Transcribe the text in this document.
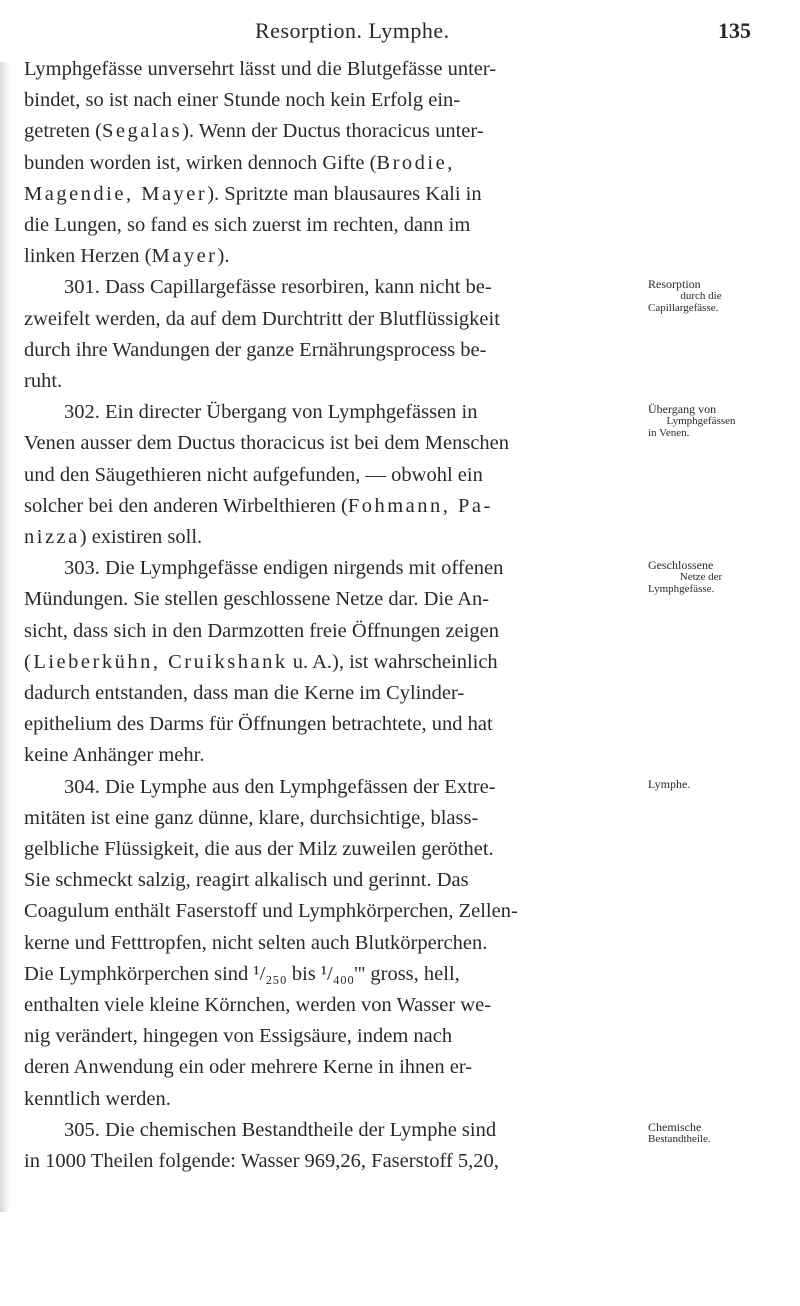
Resorption. Lymphe.	135
Lymphgefässe unversehrt lässt und die Blutgefässe unter-
bindet, so ist nach einer Stunde noch kein Erfolg ein-
getreten (Segalas). Wenn der Ductus thoracicus unter-
bunden worden ist, wirken dennoch Gifte (Brodie,
Magendie, Mayer). Spritzte man blausaures Kali in
die Lungen, so fand es sich zuerst im rechten, dann im
linken Herzen (Mayer).
301. Dass Capillargefässe resorbiren, kann nicht be-
zweifelt werden, da auf dem Durchtritt der Blutflüssigkeit
durch ihre Wandungen der ganze Ernährungsprocess be-
ruht.
302. Ein directer Übergang von Lymphgefässen in
Venen ausser dem Ductus thoracicus ist bei dem Menschen
und den Säugethieren nicht aufgefunden, — obwohl ein
solcher bei den anderen Wirbelthieren (Fohmann, Pa-
nizza) existiren soll.
303. Die Lymphgefässe endigen nirgends mit offenen
Mündungen. Sie stellen geschlossene Netze dar. Die An-
sicht, dass sich in den Darmzotten freie Öffnungen zeigen
(Lieberkühn, Cruikshank u. A.), ist wahrscheinlich
dadurch entstanden, dass man die Kerne im Cylinder-
epithelium des Darms für Öffnungen betrachtete, und hat
keine Anhänger mehr.
304. Die Lymphe aus den Lymphgefässen der Extre-
mitäten ist eine ganz dünne, klare, durchsichtige, blass-
gelbliche Flüssigkeit, die aus der Milz zuweilen geröthet.
Sie schmeckt salzig, reagirt alkalisch und gerinnt. Das
Coagulum enthält Faserstoff und Lymphkörperchen, Zellen-
kerne und Fetttropfen, nicht selten auch Blutkörperchen.
Die Lymphkörperchen sind ¹/₂₅₀ bis ¹/₄₀₀''' gross, hell,
enthalten viele kleine Körnchen, werden von Wasser we-
nig verändert, hingegen von Essigsäure, indem nach
deren Anwendung ein oder mehrere Kerne in ihnen er-
kenntlich werden.
305. Die chemischen Bestandtheile der Lymphe sind
in 1000 Theilen folgende: Wasser 969,26, Faserstoff 5,20,
Resorption
durch die
Capillargefässe.
Übergang von
Lymphgefässen
in Venen.
Geschlossene
Netze der
Lymphgefässe.
Lymphe.
Chemische
Bestandtheile.
